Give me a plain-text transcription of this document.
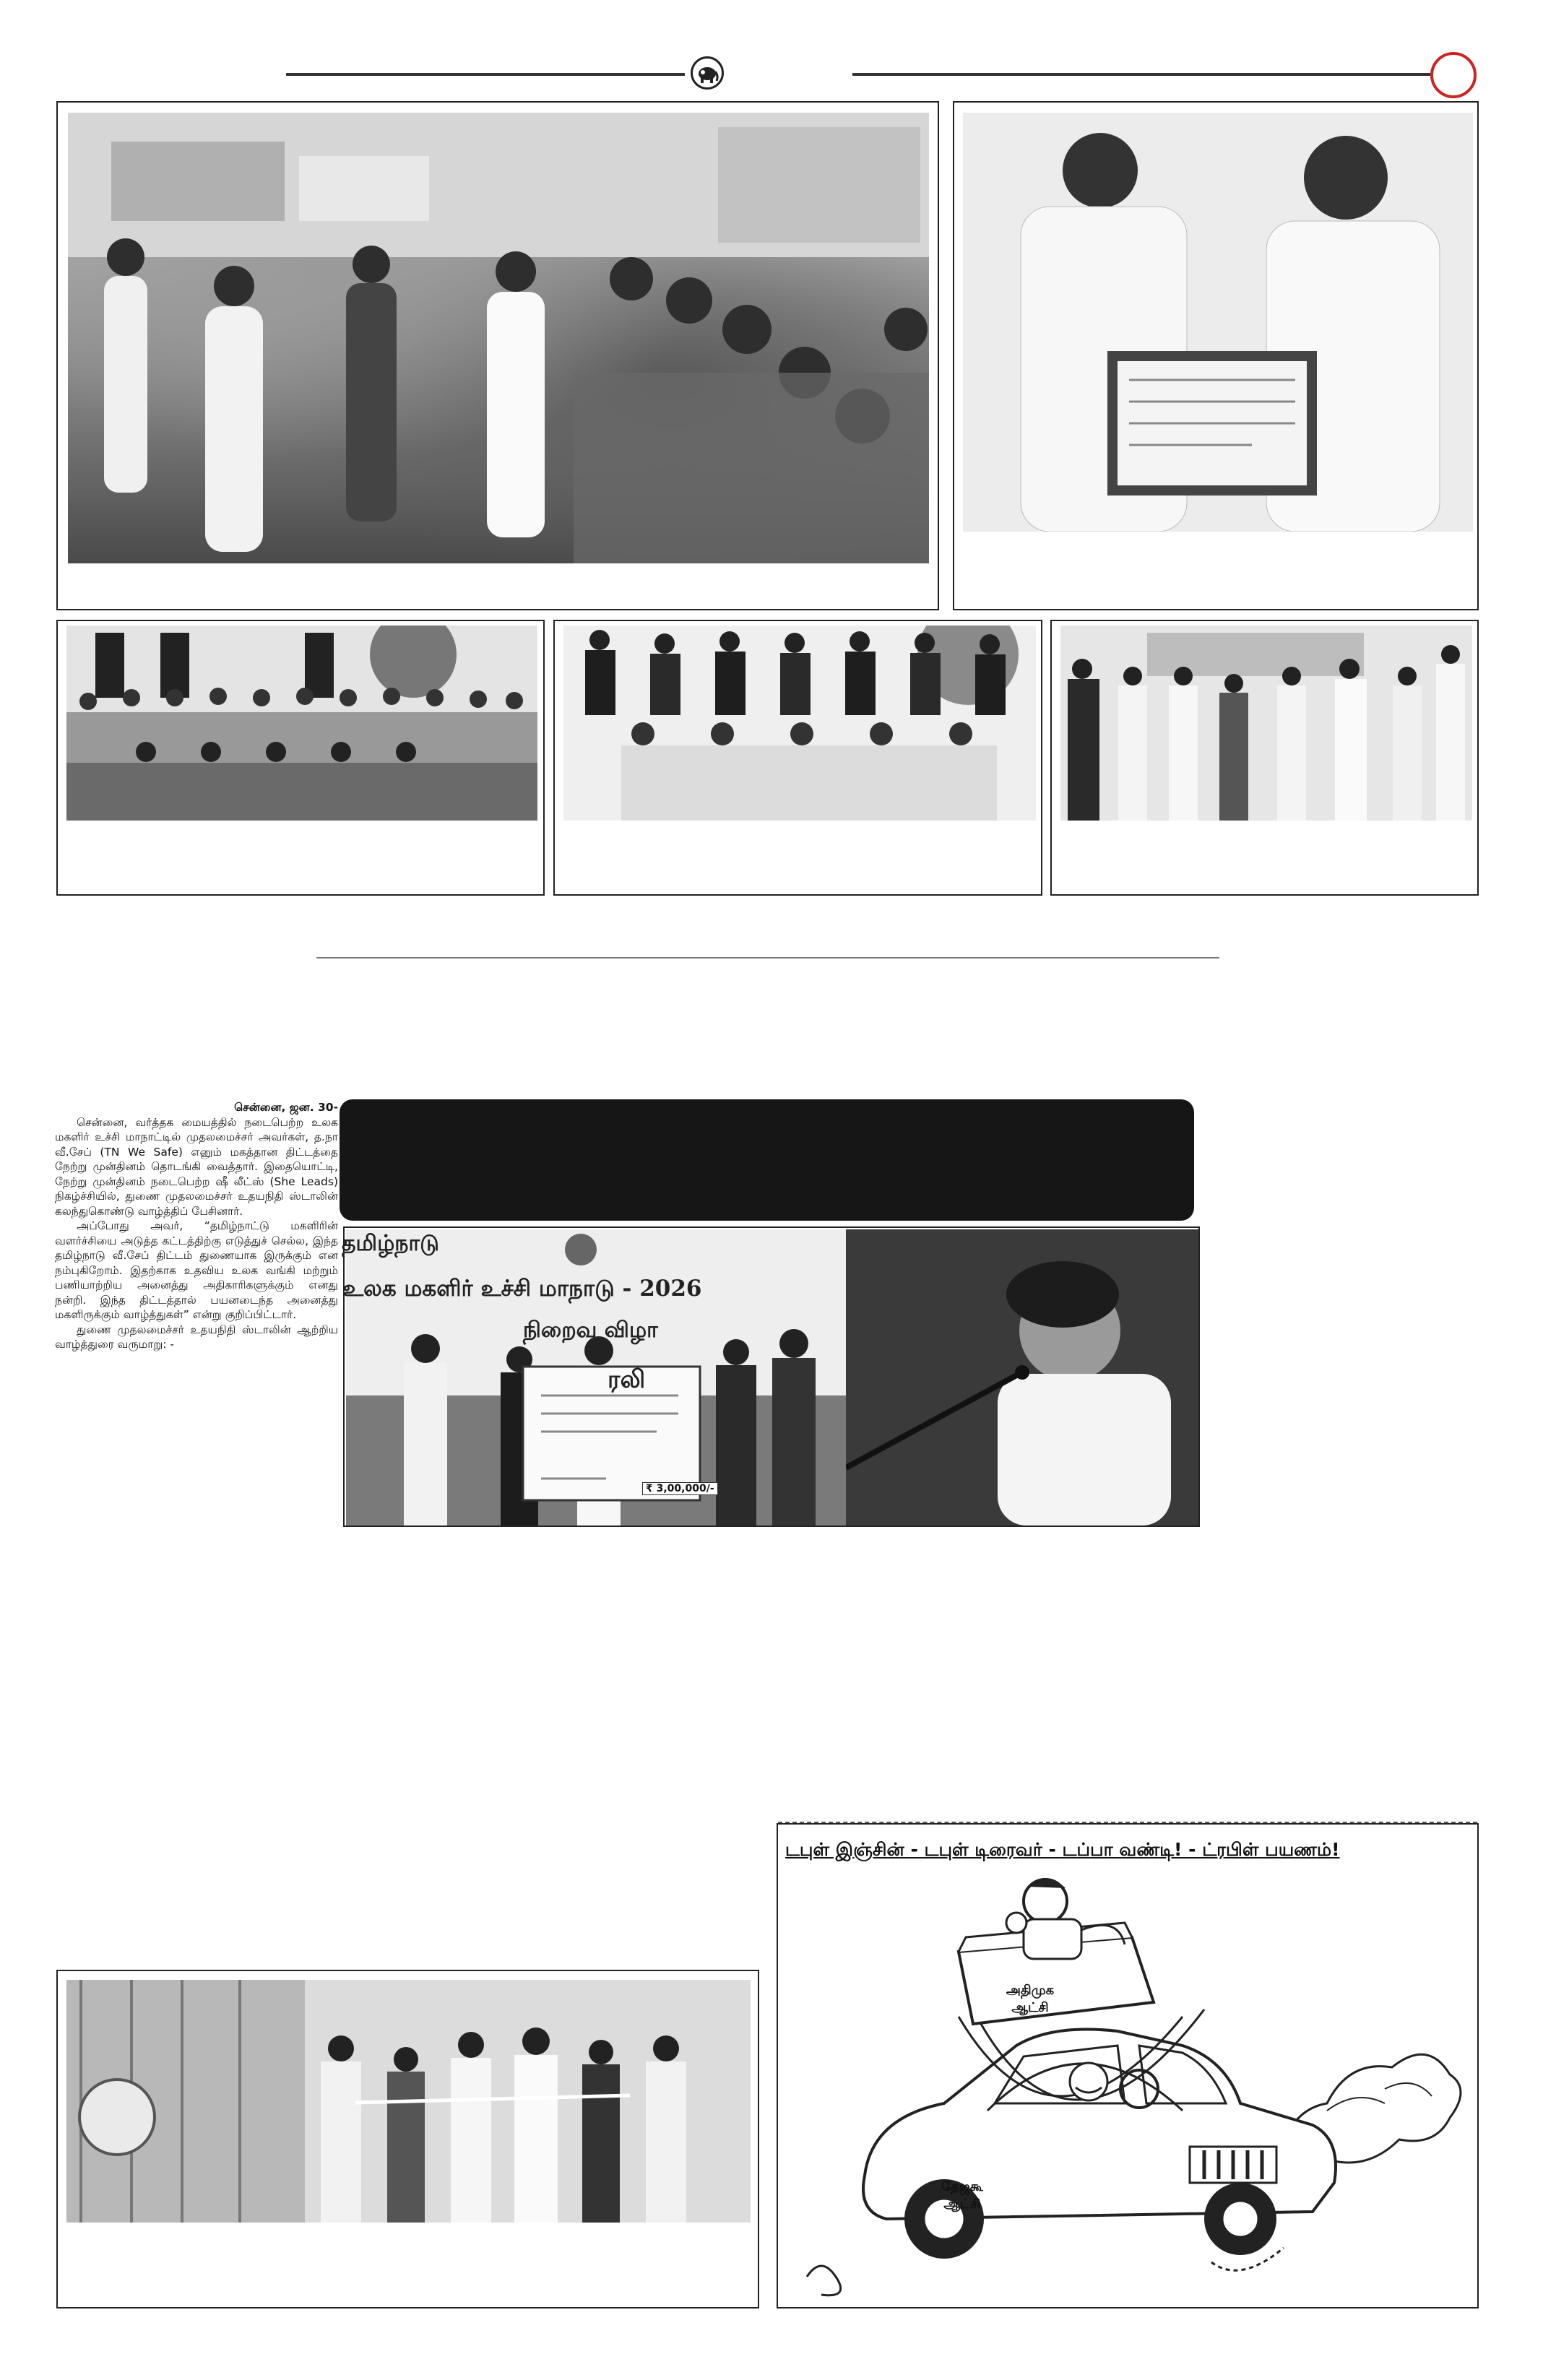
சென்னை, ஜன. 30-

சென்னை, வர்த்தக மையத்தில் நடைபெற்ற உலக மகளிர் உச்சி மாநாட்டில் முதலமைச்சர் அவர்கள், த.நா வீ.சேப் (TN We Safe) எனும் மகத்தான திட்டத்தை நேற்று முன்தினம் தொடங்கி வைத்தார். இதையொட்டி, நேற்று முன்தினம் நடைபெற்ற ஷீ லீட்ஸ் (She Leads) நிகழ்ச்சியில், துணை முதலமைச்சர் உதயநிதி ஸ்டாலின் கலந்துகொண்டு வாழ்த்திப் பேசினார்.

அப்போது அவர், “தமிழ்நாட்டு மகளிரின் வளர்ச்சியை அடுத்த கட்டத்திற்கு எடுத்துச் செல்ல, இந்த தமிழ்நாடு வீ.சேப் திட்டம் துணையாக இருக்கும் என நம்புகிறோம். இதற்காக உதவிய உலக வங்கி மற்றும் பணியாற்றிய அனைத்து அதிகாரிகளுக்கும் எனது நன்றி. இந்த திட்டத்தால் பயனடைந்த அனைத்து மகளிருக்கும் வாழ்த்துகள்” என்று குறிப்பிட்டார்.

துணை முதலமைச்சர் உதயநிதி ஸ்டாலின் ஆற்றிய வாழ்த்துரை வருமாறு: -

தமிழ்நாடு
உலக மகளிர் உச்சி மாநாடு - 2026
நிறைவு விழா
ரலி
₹ 3,00,000/-
டபுள் இஞ்சின் - டபுள் டிரைவர் - டப்பா வண்டி! - ட்ரபிள் பயணம்!
அதிமுக ஆட்சி
தேஜகூ ஆட்சி
